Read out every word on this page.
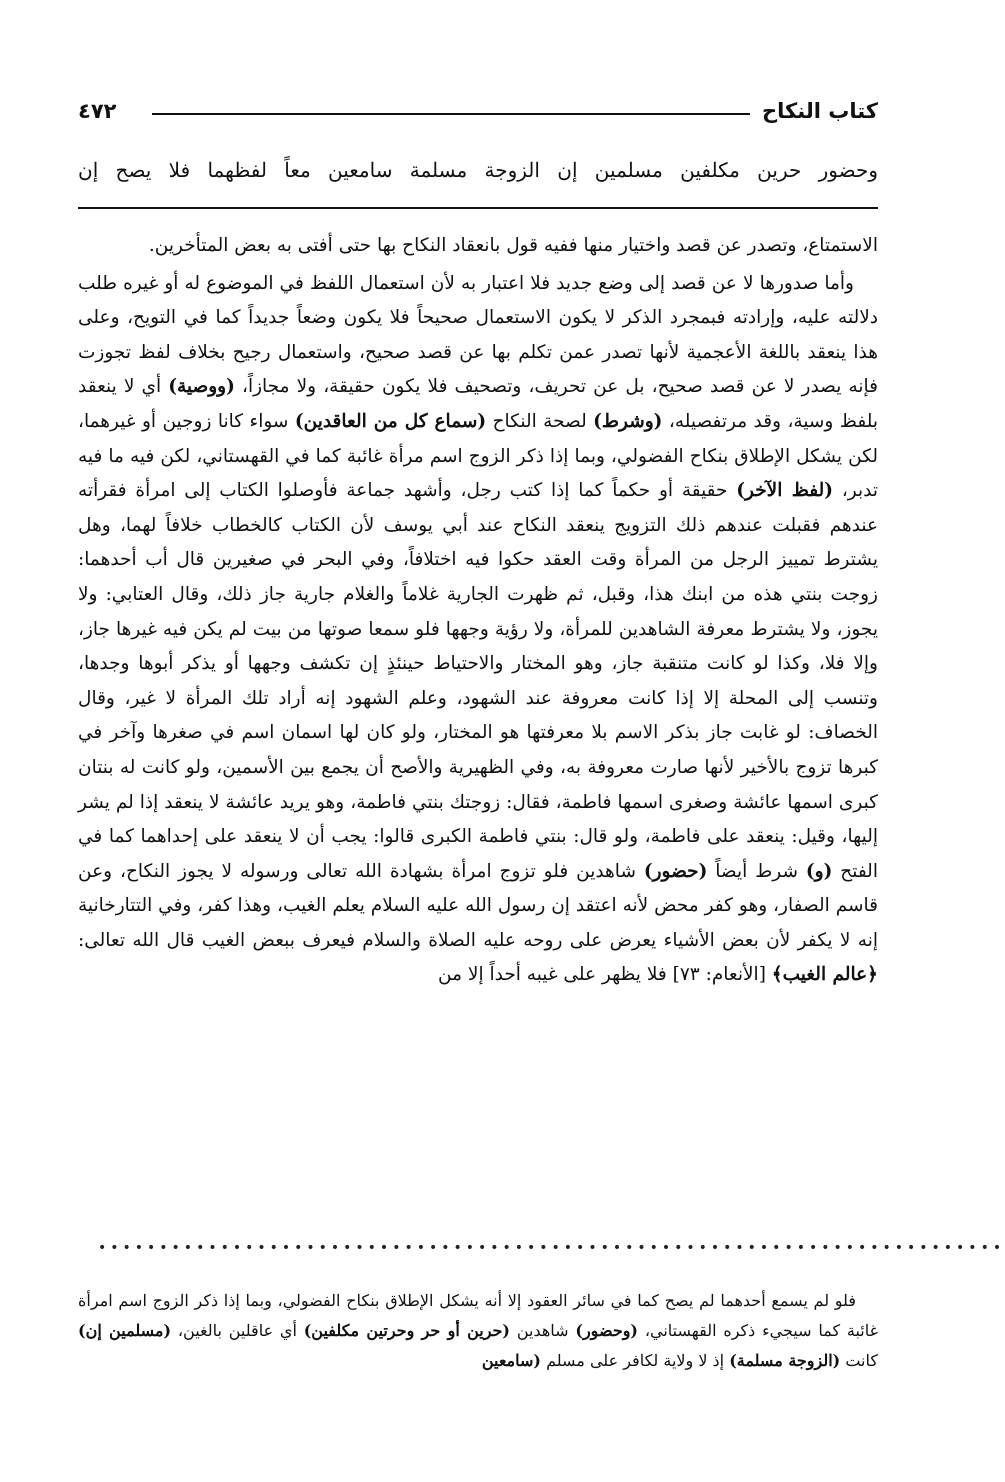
كتاب النكاح
٤٧٢
وحضور حرين مكلفين مسلمين إن الزوجة مسلمة سامعين معاً لفظهما فلا يصح إن

الاستمتاع، وتصدر عن قصد واختيار منها ففيه قول بانعقاد النكاح بها حتى أفتى به بعض المتأخرين.

وأما صدورها لا عن قصد إلى وضع جديد فلا اعتبار به لأن استعمال اللفظ في الموضوع له أو غيره طلب دلالته عليه، وإرادته فبمجرد الذكر لا يكون الاستعمال صحيحاً فلا يكون وضعاً جديداً كما في التويح، وعلى هذا ينعقد باللغة الأعجمية لأنها تصدر عمن تكلم بها عن قصد صحيح، واستعمال رجيح بخلاف لفظ تجوزت فإنه يصدر لا عن قصد صحيح، بل عن تحريف، وتصحيف فلا يكون حقيقة، ولا مجازاً، (ووصية) أي لا ينعقد بلفظ وسية، وقد مرتفصيله، (وشرط) لصحة النكاح (سماع كل من العاقدين) سواء كانا زوجين أو غيرهما، لكن يشكل الإطلاق بنكاح الفضولي، وبما إذا ذكر الزوج اسم مرأة غائبة كما في القهستاني، لكن فيه ما فيه تدبر، (لفظ الآخر) حقيقة أو حكماً كما إذا كتب رجل، وأشهد جماعة فأوصلوا الكتاب إلى امرأة فقرأته عندهم فقبلت عندهم ذلك التزويج ينعقد النكاح عند أبي يوسف لأن الكتاب كالخطاب خلافاً لهما، وهل يشترط تمييز الرجل من المرأة وقت العقد حكوا فيه اختلافاً، وفي البحر في صغيرين قال أب أحدهما: زوجت بنتي هذه من ابنك هذا، وقبل، ثم ظهرت الجارية غلاماً والغلام جارية جاز ذلك، وقال العتابي: ولا يجوز، ولا يشترط معرفة الشاهدين للمرأة، ولا رؤية وجهها فلو سمعا صوتها من بيت لم يكن فيه غيرها جاز، وإلا فلا، وكذا لو كانت متنقبة جاز، وهو المختار والاحتياط حينئذٍ إن تكشف وجهها أو يذكر أبوها وجدها، وتنسب إلى المحلة إلا إذا كانت معروفة عند الشهود، وعلم الشهود إنه أراد تلك المرأة لا غير، وقال الخصاف: لو غابت جاز بذكر الاسم بلا معرفتها هو المختار، ولو كان لها اسمان اسم في صغرها وآخر في كبرها تزوج بالأخير لأنها صارت معروفة به، وفي الظهيرية والأصح أن يجمع بين الأسمين، ولو كانت له بنتان كبرى اسمها عائشة وصغرى اسمها فاطمة، فقال: زوجتك بنتي فاطمة، وهو يريد عائشة لا ينعقد إذا لم يشر إليها، وقيل: ينعقد على فاطمة، ولو قال: بنتي فاطمة الكبرى قالوا: يجب أن لا ينعقد على إحداهما كما في الفتح (و) شرط أيضاً (حضور) شاهدين فلو تزوج امرأة بشهادة الله تعالى ورسوله لا يجوز النكاح، وعن قاسم الصفار، وهو كفر محض لأنه اعتقد إن رسول الله عليه السلام يعلم الغيب، وهذا كفر، وفي التتارخانية إنه لا يكفر لأن بعض الأشياء يعرض على روحه عليه الصلاة والسلام فيعرف ببعض الغيب قال الله تعالى: ﴿عالم الغيب﴾ [الأنعام: ٧٣] فلا يظهر على غيبه أحداً إلا من

••••••••••••••••••••••••••••••••••••••••••••••••••••••••••••••••••••••••••

فلو لم يسمع أحدهما لم يصح كما في سائر العقود إلا أنه يشكل الإطلاق بنكاح الفضولي، وبما إذا ذكر الزوج اسم امرأة غائبة كما سيجيء ذكره القهستاني، (وحضور) شاهدين (حرين أو حر وحرتين مكلفين) أي عاقلين بالغين، (مسلمين إن) كانت (الزوجة مسلمة) إذ لا ولاية لكافر على مسلم (سامعين
